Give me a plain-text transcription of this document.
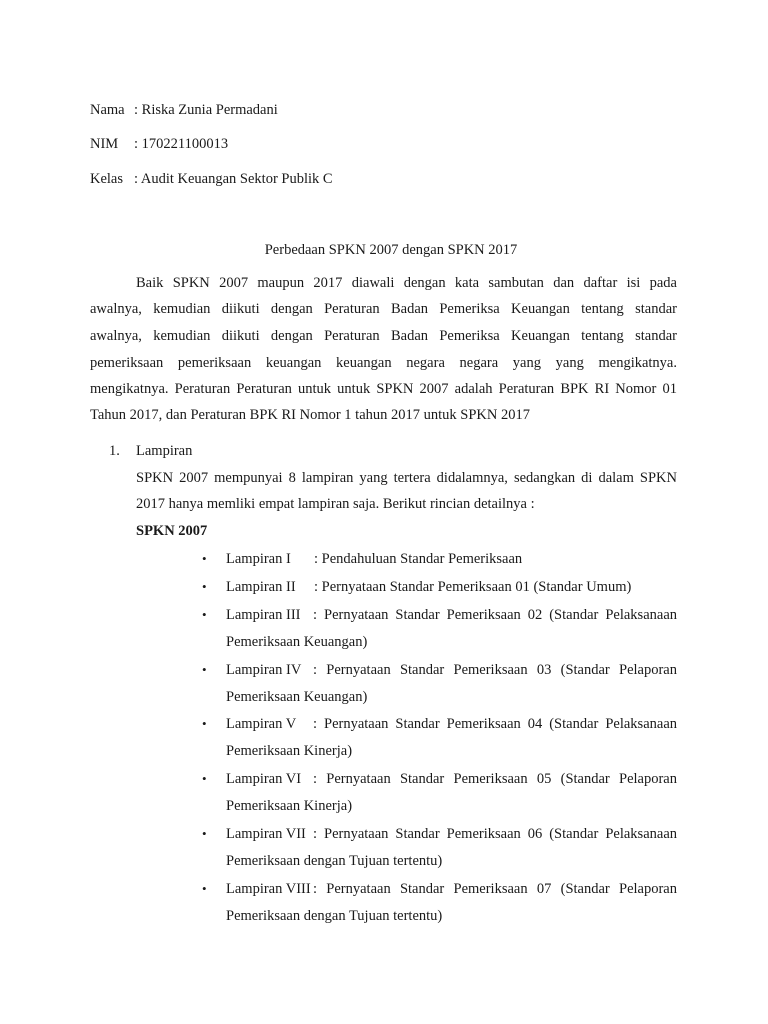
Nama : Riska Zunia Permadani
NIM : 170221100013
Kelas : Audit Keuangan Sektor Publik C
Perbedaan SPKN 2007 dengan SPKN 2017
Baik SPKN 2007 maupun 2017 diawali dengan kata sambutan dan daftar isi pada
awalnya, kemudian diikuti dengan Peraturan Badan Pemeriksa Keuangan tentang standar
awalnya, kemudian diikuti dengan Peraturan Badan Pemeriksa Keuangan tentang standar
pemeriksaan pemeriksaan keuangan keuangan negara negara yang yang mengikatnya.
mengikatnya. Peraturan Peraturan untuk untuk SPKN 2007 adalah Peraturan BPK RI Nomor 01
Tahun 2017, dan Peraturan BPK RI Nomor 1 tahun 2017 untuk SPKN 2017
1. Lampiran
SPKN 2007 mempunyai 8 lampiran yang tertera didalamnya, sedangkan di dalam SPKN
2017 hanya memliki empat lampiran saja. Berikut rincian detailnya :
SPKN 2007
• Lampiran I : Pendahuluan Standar Pemeriksaan
• Lampiran II : Pernyataan Standar Pemeriksaan 01 (Standar Umum)
• Lampiran III : Pernyataan Standar Pemeriksaan 02 (Standar Pelaksanaan
Pemeriksaan Keuangan)
• Lampiran IV : Pernyataan Standar Pemeriksaan 03 (Standar Pelaporan
Pemeriksaan Keuangan)
• Lampiran V : Pernyataan Standar Pemeriksaan 04 (Standar Pelaksanaan
Pemeriksaan Kinerja)
• Lampiran VI : Pernyataan Standar Pemeriksaan 05 (Standar Pelaporan
Pemeriksaan Kinerja)
• Lampiran VII : Pernyataan Standar Pemeriksaan 06 (Standar Pelaksanaan
Pemeriksaan dengan Tujuan tertentu)
• Lampiran VIII : Pernyataan Standar Pemeriksaan 07 (Standar Pelaporan
Pemeriksaan dengan Tujuan tertentu)
